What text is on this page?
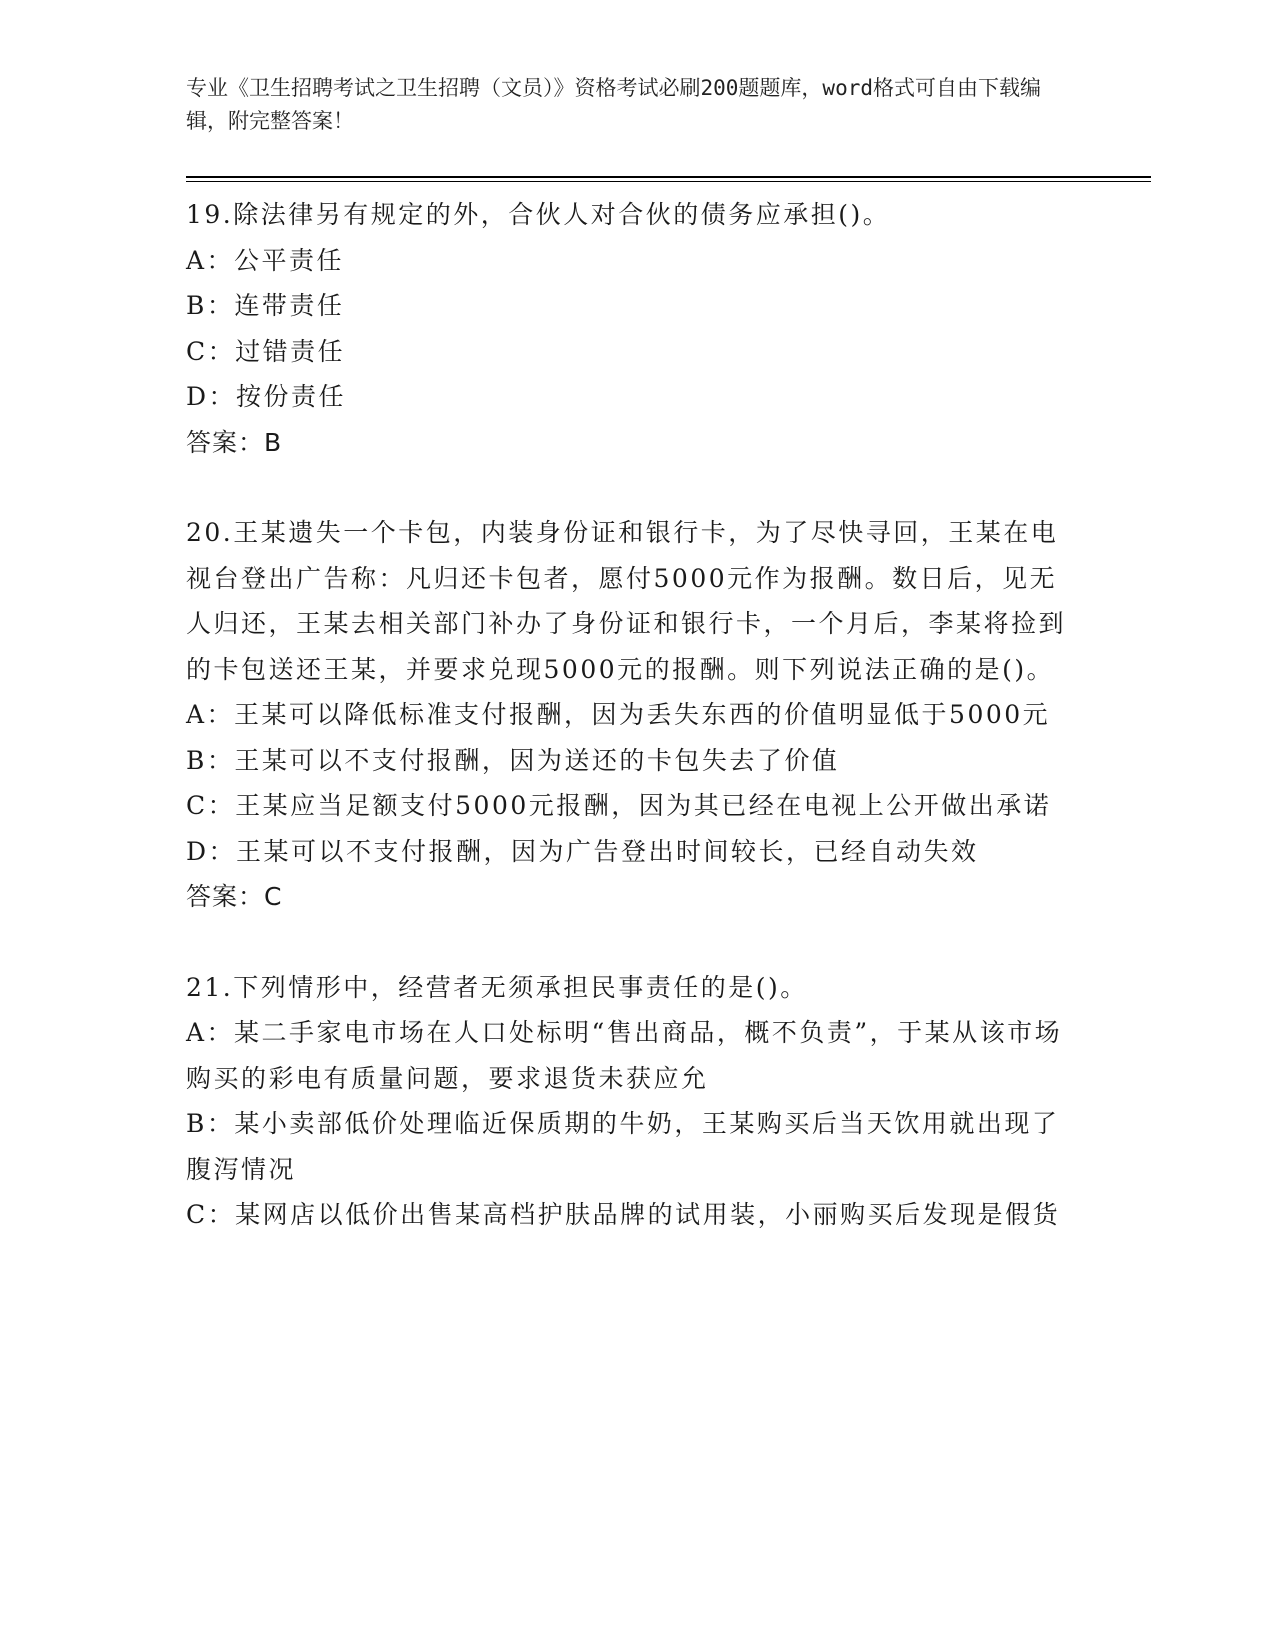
专业《卫生招聘考试之卫生招聘（文员）》资格考试必刷200题题库，word格式可自由下载编辑，附完整答案！

19.除法律另有规定的外，合伙人对合伙的债务应承担()。

A：公平责任

B：连带责任

C：过错责任

D：按份责任

答案：B

20.王某遗失一个卡包，内装身份证和银行卡，为了尽快寻回，王某在电视台登出广告称：凡归还卡包者，愿付5000元作为报酬。数日后，见无人归还，王某去相关部门补办了身份证和银行卡，一个月后，李某将捡到的卡包送还王某，并要求兑现5000元的报酬。则下列说法正确的是()。

A：王某可以降低标准支付报酬，因为丢失东西的价值明显低于5000元

B：王某可以不支付报酬，因为送还的卡包失去了价值

C：王某应当足额支付5000元报酬，因为其已经在电视上公开做出承诺

D：王某可以不支付报酬，因为广告登出时间较长，已经自动失效

答案：C

21.下列情形中，经营者无须承担民事责任的是()。

A：某二手家电市场在人口处标明“售出商品，概不负责”，于某从该市场购买的彩电有质量问题，要求退货未获应允

B：某小卖部低价处理临近保质期的牛奶，王某购买后当天饮用就出现了腹泻情况

C：某网店以低价出售某高档护肤品牌的试用装，小丽购买后发现是假货
